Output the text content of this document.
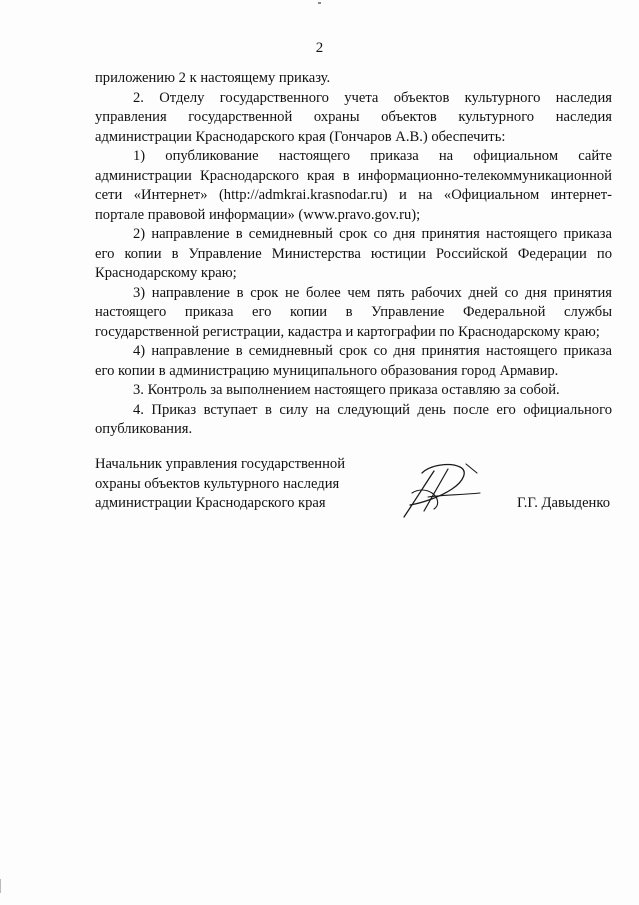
2

приложению 2 к настоящему приказу.

2. Отделу государственного учета объектов культурного наследия управления государственной охраны объектов культурного наследия администрации Краснодарского края (Гончаров А.В.) обеспечить:

1) опубликование настоящего приказа на официальном сайте администрации Краснодарского края в информационно-телекоммуникационной сети «Интернет» (http://admkrai.krasnodar.ru) и на «Официальном интернет-портале правовой информации» (www.pravo.gov.ru);

2) направление в семидневный срок со дня принятия настоящего приказа его копии в Управление Министерства юстиции Российской Федерации по Краснодарскому краю;

3) направление в срок не более чем пять рабочих дней со дня принятия настоящего приказа его копии в Управление Федеральной службы государственной регистрации, кадастра и картографии по Краснодарскому краю;

4) направление в семидневный срок со дня принятия настоящего приказа его копии в администрацию муниципального образования город Армавир.

3. Контроль за выполнением настоящего приказа оставляю за собой.

4. Приказ вступает в силу на следующий день после его официального опубликования.

Начальник управления государственной
охраны объектов культурного наследия
администрации Краснодарского края	Г.Г. Давыденко
